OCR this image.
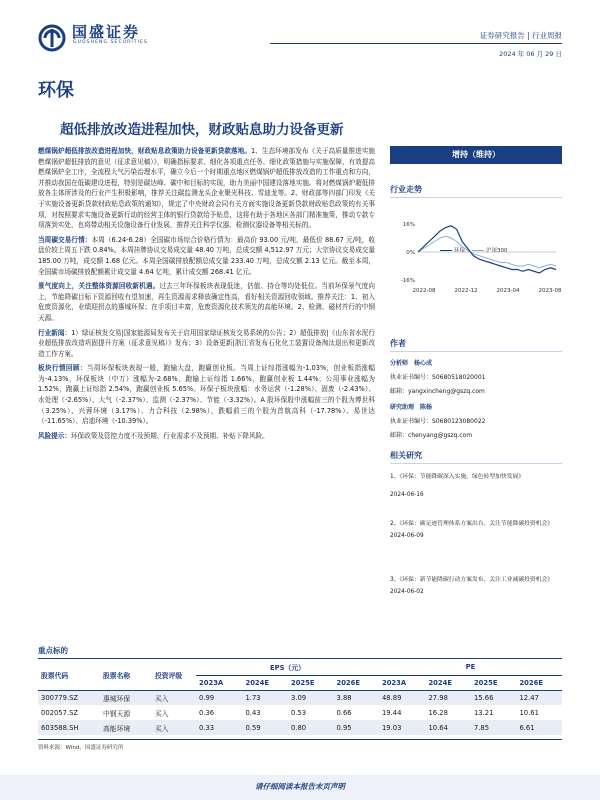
国盛证券
GUOSHENG SECURITIES
证券研究报告 | 行业周报
2024 年 06 月 29 日
环保
超低排放改造进程加快，财政贴息助力设备更新

燃煤锅炉超低排放改造进程加快，财政贴息政策助力设备更新贷款落地。1、生态环境部发布《关于高质量推进实施燃煤锅炉超低排放的意见（征求意见稿）》，明确指标要求、细化各项重点任务、细化政策措施与实施保障，有效提高燃煤锅炉全工序，全流程大气污染治理水平，确立今后一个时期重点地区燃煤锅炉超低排放改造的工作重点和方向，并推动我国在低碳建设进程，特别是碳达峰、碳中和目标的实现，助力美丽中国建设落地实施。将对燃煤锅炉超低排放各主体所涉及的行业产生积极影响，推荐关注碳监测龙头企业聚光科技、雪迪龙等。2、财政部等四部门印发《关于实施设备更新贷款财政贴息政策的通知》，规定了中央财政会同有关方面实施设备更新贷款财政贴息政策的有关事项，对按照要求实施设备更新行动的经营主体的银行贷款给予贴息，这将有助于各地区各部门精准施策，推动专款专项落到实处，也将带动相关设施设备行业发展，推荐关注科学仪器、检测仪器设备等相关标的。

当周碳交易行情：本周（6.24-6.28）全国碳市场综合价格行情为：最高价 93.00 元/吨，最低价 88.67 元/吨，收盘价较上周五下跌 0.84%。本周挂牌协议交易成交量 48.40 万吨，总成交额 4,512.97 万元；大宗协议交易成交量 185.00 万吨，成交额 1.68 亿元。本周全国碳排放配额总成交量 233.40 万吨，总成交额 2.13 亿元。截至本周，全国碳市场碳排放配额累计成交量 4.64 亿吨，累计成交额 268.41 亿元。

景气度向上，关注整体资源回收新机遇。过去三年环保板块表现低迷，估值、持仓等均处低位。当前环保景气度向上，节能降碳目标下资源回收有望加速，再生资源需求释放确定性高，看好相关资源回收领域。推荐关注：1、初入危废资源化，业绩迎拐点的惠城环保；在手项目丰富，危废资源化技术领先的高能环境。2、检测、磁材并行的中钢天源。

行业新闻：1）绿证核发交易|国家能源局发布关于启用国家绿证核发交易系统的公告；2）超低排放|《山东省水泥行业超低排放改造巩固提升方案（征求意见稿）》发布；3）设备更新|浙江省发布石化化工装置设备淘汰退出和更新改造工作方案。

板块行情回顾：当周环保板块表现一般，跑输大盘，跑赢创业板。当周上证综指涨幅为-1.03%，创业板指涨幅为-4.13%，环保板块（中万）涨幅为-2.68%，跑输上证综指 1.66%，跑赢创业板 1.44%；公用事业涨幅为 1.52%，跑赢上证综指 2.54%，跑赢创业板 5.65%。环保子板块涨幅：水务运营（-1.28%）、固废（-2.43%）、水处理（-2.65%）、大气（-2.37%）、监测（-2.37%）、节能（-3.32%）。A 股环保股中涨幅前三的个股为博世科（3.25%）、兴蓉环境（3.17%）、力合科技（2.98%），跌幅前三的个股为首航高科（-17.78%）、易世达（-11.65%）、启迪环境（-10.39%）。

风险提示：环保政策及管控力度不及预期、行业需求不及预期、补贴下降风险。

增持（维持）
行业走势
环保	沪深300
16%
0%
-16%
2022-08	2022-12	2023-04	2023-08
作者
分析师 杨心成
执业证书编号：S0680518020001
邮箱：yangxincheng@gszq.com
研究助理 陈杨
执业证书编号：S0680123080022
邮箱：chenyang@gszq.com
相关研究
1、《环保：节能降碳深入实施，绿色转型加快发展》
2024-06-16
2、《环保：碳足迹管理体系方案出台，关注节能降碳投资机会》
2024-06-09
3、《环保：新节能降碳行动方案发布，关注工业减碳投资机会》
2024-06-02
重点标的
股票代码	股票名称	投资评级	EPS（元）				PE			
			2023A	2024E	2025E	2026E	2023A	2024E	2025E	2026E
300779.SZ	惠城环保	买入	0.99	1.73	3.09	3.88	48.89	27.98	15.66	12.47
002057.SZ	中钢天源	买入	0.36	0.43	0.53	0.66	19.44	16.28	13.21	10.61
603588.SH	高能环境	买入	0.33	0.59	0.80	0.95	19.03	10.64	7.85	6.61
资料来源：Wind，国盛证券研究所
请仔细阅读本报告末页声明
